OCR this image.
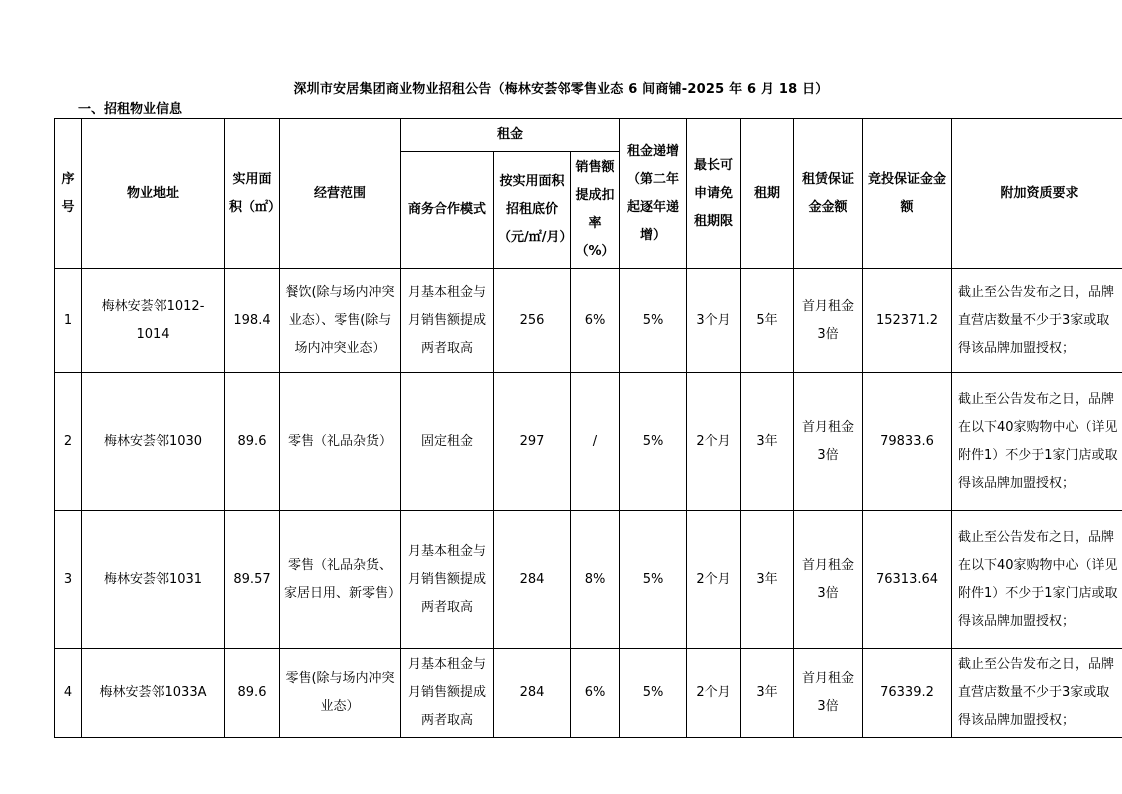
深圳市安居集团商业物业招租公告（梅林安荟邻零售业态 6 间商铺-2025 年 6 月 18 日）
一、招租物业信息
序号	物业地址	实用面积（㎡）	经营范围	租金			租金递增（第二年起逐年递增）	最长可申请免租期限	租期	租赁保证金金额	竞投保证金金额	附加资质要求
				商务合作模式	按实用面积招租底价（元/㎡/月）	销售额提成扣率（%）						
1	梅林安荟邻1012-1014	198.4	餐饮(除与场内冲突业态）、零售(除与场内冲突业态）	月基本租金与月销售额提成两者取高	256	6%	5%	3个月	5年	首月租金3倍	152371.2	截止至公告发布之日，品牌直营店数量不少于3家或取得该品牌加盟授权；
2	梅林安荟邻1030	89.6	零售（礼品杂货）	固定租金	297	/	5%	2个月	3年	首月租金3倍	79833.6	截止至公告发布之日，品牌在以下40家购物中心（详见附件1）不少于1家门店或取得该品牌加盟授权；
3	梅林安荟邻1031	89.57	零售（礼品杂货、家居日用、新零售）	月基本租金与月销售额提成两者取高	284	8%	5%	2个月	3年	首月租金3倍	76313.64	截止至公告发布之日，品牌在以下40家购物中心（详见附件1）不少于1家门店或取得该品牌加盟授权；
4	梅林安荟邻1033A	89.6	零售(除与场内冲突业态）	月基本租金与月销售额提成两者取高	284	6%	5%	2个月	3年	首月租金3倍	76339.2	截止至公告发布之日，品牌直营店数量不少于3家或取得该品牌加盟授权；
